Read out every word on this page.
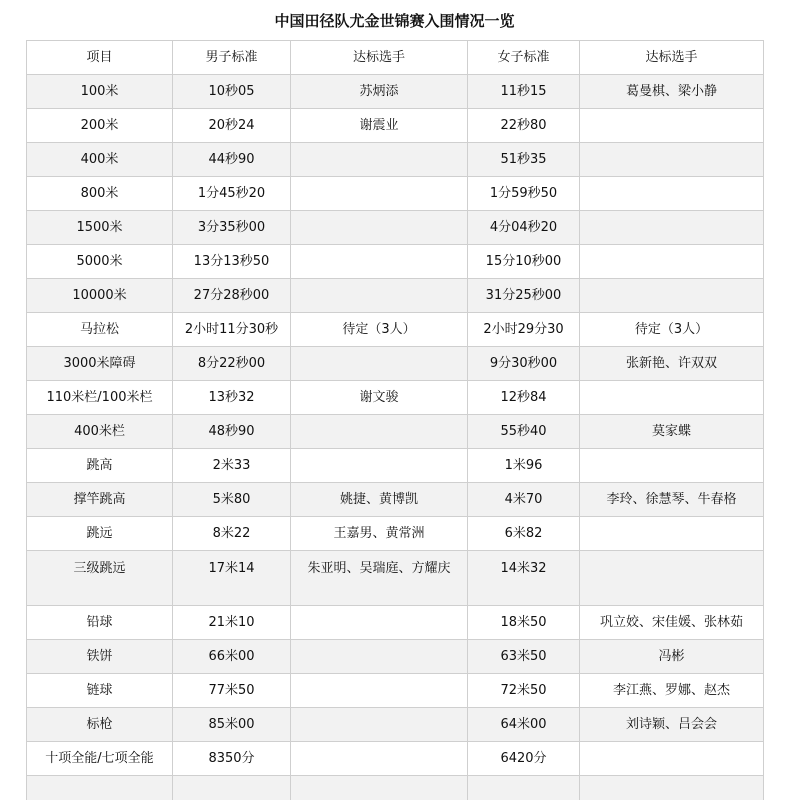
中国田径队尤金世锦赛入围情况一览
项目	男子标准	达标选手	女子标准	达标选手
100米	10秒05	苏炳添	11秒15	葛曼棋、梁小静
200米	20秒24	谢震业	22秒80	
400米	44秒90		51秒35	
800米	1分45秒20		1分59秒50	
1500米	3分35秒00		4分04秒20	
5000米	13分13秒50		15分10秒00	
10000米	27分28秒00		31分25秒00	
马拉松	2小时11分30秒	待定（3人）	2小时29分30	待定（3人）
3000米障碍	8分22秒00		9分30秒00	张新艳、许双双
110米栏/100米栏	13秒32	谢文骏	12秒84	
400米栏	48秒90		55秒40	莫家蝶
跳高	2米33		1米96	
撑竿跳高	5米80	姚捷、黄博凯	4米70	李玲、徐慧琴、牛春格
跳远	8米22	王嘉男、黄常洲	6米82	
三级跳远	17米14	朱亚明、吴瑞庭、方耀庆	14米32	
铅球	21米10		18米50	巩立姣、宋佳媛、张林茹
铁饼	66米00		63米50	冯彬
链球	77米50		72米50	李江燕、罗娜、赵杰
标枪	85米00		64米00	刘诗颖、吕会会
十项全能/七项全能	8350分		6420分	
